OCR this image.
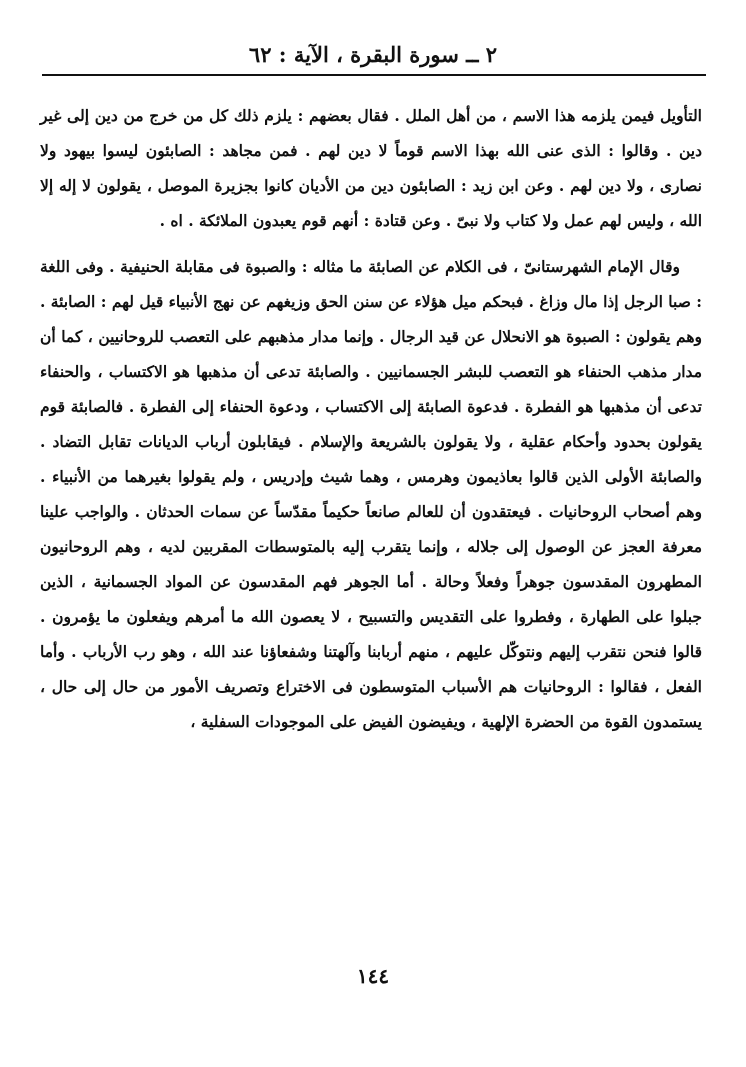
٢ ــ سورة البقرة ، الآية : ٦٢

التأويل فيمن يلزمه هذا الاسم ، من أهل الملل . فقال بعضهم : يلزم ذلك كل من خرج من دين إلى غير دين . وقالوا : الذى عنى الله بهذا الاسم قوماً لا دين لهم . فمن مجاهد : الصابئون ليسوا بيهود ولا نصارى ، ولا دين لهم . وعن ابن زيد : الصابئون دين من الأديان كانوا بجزيرة الموصل ، يقولون لا إله إلا الله ، وليس لهم عمل ولا كتاب ولا نبىّ . وعن قتادة : أنهم قوم يعبدون الملائكة . اه .

وقال الإمام الشهرستانىّ ، فى الكلام عن الصابئة ما مثاله : والصبوة فى مقابلة الحنيفية . وفى اللغة : صبا الرجل إذا مال وزاغ . فبحكم ميل هؤلاء عن سنن الحق وزيغهم عن نهج الأنبياء قيل لهم : الصابئة . وهم يقولون : الصبوة هو الانحلال عن قيد الرجال . وإنما مدار مذهبهم على التعصب للروحانيين ، كما أن مدار مذهب الحنفاء هو التعصب للبشر الجسمانيين . والصابئة تدعى أن مذهبها هو الاكتساب ، والحنفاء تدعى أن مذهبها هو الفطرة . فدعوة الصابئة إلى الاكتساب ، ودعوة الحنفاء إلى الفطرة . فالصابئة قوم يقولون بحدود وأحكام عقلية ، ولا يقولون بالشريعة والإسلام . فيقابلون أرباب الديانات تقابل التضاد . والصابئة الأولى الذين قالوا بعاذيمون وهرمس ، وهما شيث وإدريس ، ولم يقولوا بغيرهما من الأنبياء . وهم أصحاب الروحانيات . فيعتقدون أن للعالم صانعاً حكيماً مقدّساً عن سمات الحدثان . والواجب علينا معرفة العجز عن الوصول إلى جلاله ، وإنما يتقرب إليه بالمتوسطات المقربين لديه ، وهم الروحانيون المطهرون المقدسون جوهراً وفعلاً وحالة . أما الجوهر فهم المقدسون عن المواد الجسمانية ، الذين جبلوا على الطهارة ، وفطروا على التقديس والتسبيح ، لا يعصون الله ما أمرهم ويفعلون ما يؤمرون . قالوا فنحن نتقرب إليهم ونتوكّل عليهم ، منهم أربابنا وآلهتنا وشفعاؤنا عند الله ، وهو رب الأرباب . وأما الفعل ، فقالوا : الروحانيات هم الأسباب المتوسطون فى الاختراع وتصريف الأمور من حال إلى حال ، يستمدون القوة من الحضرة الإلهية ، ويفيضون الفيض على الموجودات السفلية ،

١٤٤
